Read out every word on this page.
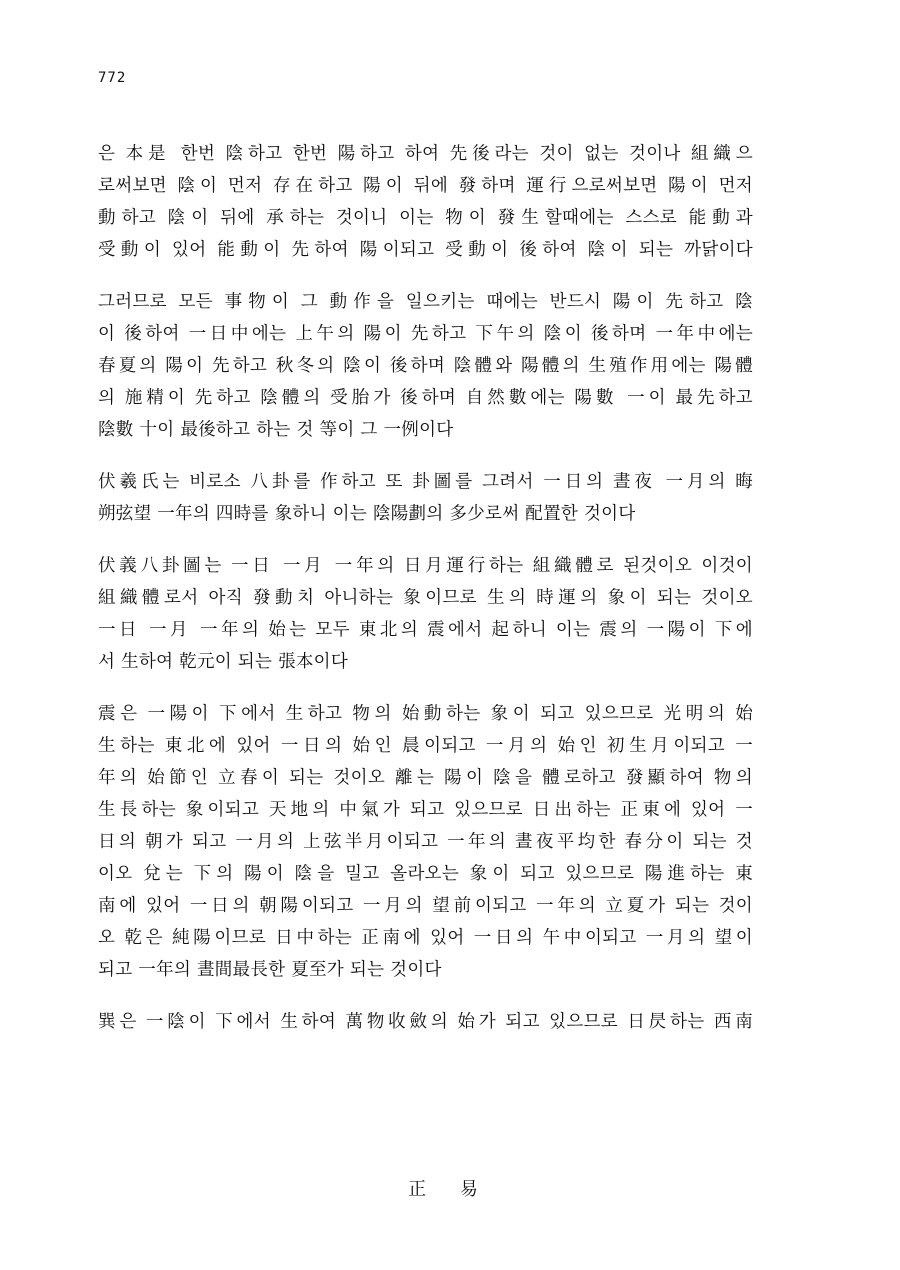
772
은 本是 한번 陰하고 한번 陽하고 하여 先後라는 것이 없는 것이나 組織으
로써보면 陰이 먼저 存在하고 陽이 뒤에 發하며 運行으로써보면 陽이 먼저
動하고 陰이 뒤에 承하는 것이니 이는 物이 發生할때에는 스스로 能動과
受動이 있어 能動이 先하여 陽이되고 受動이 後하여 陰이 되는 까닭이다
그러므로 모든 事物이 그 動作을 일으키는 때에는 반드시 陽이 先하고 陰
이 後하여 一日中에는 上午의 陽이 先하고 下午의 陰이 後하며 一年中에는
春夏의 陽이 先하고 秋冬의 陰이 後하며 陰體와 陽體의 生殖作用에는 陽體
의 施精이 先하고 陰體의 受胎가 後하며 自然數에는 陽數 一이 最先하고
陰數 十이 最後하고 하는 것 等이 그 一例이다
伏羲氏는 비로소 八卦를 作하고 또 卦圖를 그려서 一日의 晝夜 一月의 晦
朔弦望 一年의 四時를 象하니 이는 陰陽劃의 多少로써 配置한 것이다
伏義八卦圖는 一日 一月 一年의 日月運行하는 組織體로 된것이오 이것이
組織體로서 아직 發動치 아니하는 象이므로 生의 時運의 象이 되는 것이오
一日 一月 一年의 始는 모두 東北의 震에서 起하니 이는 震의 一陽이 下에
서 生하여 乾元이 되는 張本이다
震은 一陽이 下에서 生하고 物의 始動하는 象이 되고 있으므로 光明의 始
生하는 東北에 있어 一日의 始인 晨이되고 一月의 始인 初生月이되고 一
年의 始節인 立春이 되는 것이오 離는 陽이 陰을 體로하고 發顯하여 物의
生長하는 象이되고 天地의 中氣가 되고 있으므로 日出하는 正東에 있어 一
日의 朝가 되고 一月의 上弦半月이되고 一年의 晝夜平均한 春分이 되는 것
이오 兌는 下의 陽이 陰을 밀고 올라오는 象이 되고 있으므로 陽進하는 東
南에 있어 一日의 朝陽이되고 一月의 望前이되고 一年의 立夏가 되는 것이
오 乾은 純陽이므로 日中하는 正南에 있어 一日의 午中이되고 一月의 望이
되고 一年의 晝間最長한 夏至가 되는 것이다
巽은 一陰이 下에서 生하여 萬物收斂의 始가 되고 있으므로 日昃하는 西南
正 易
